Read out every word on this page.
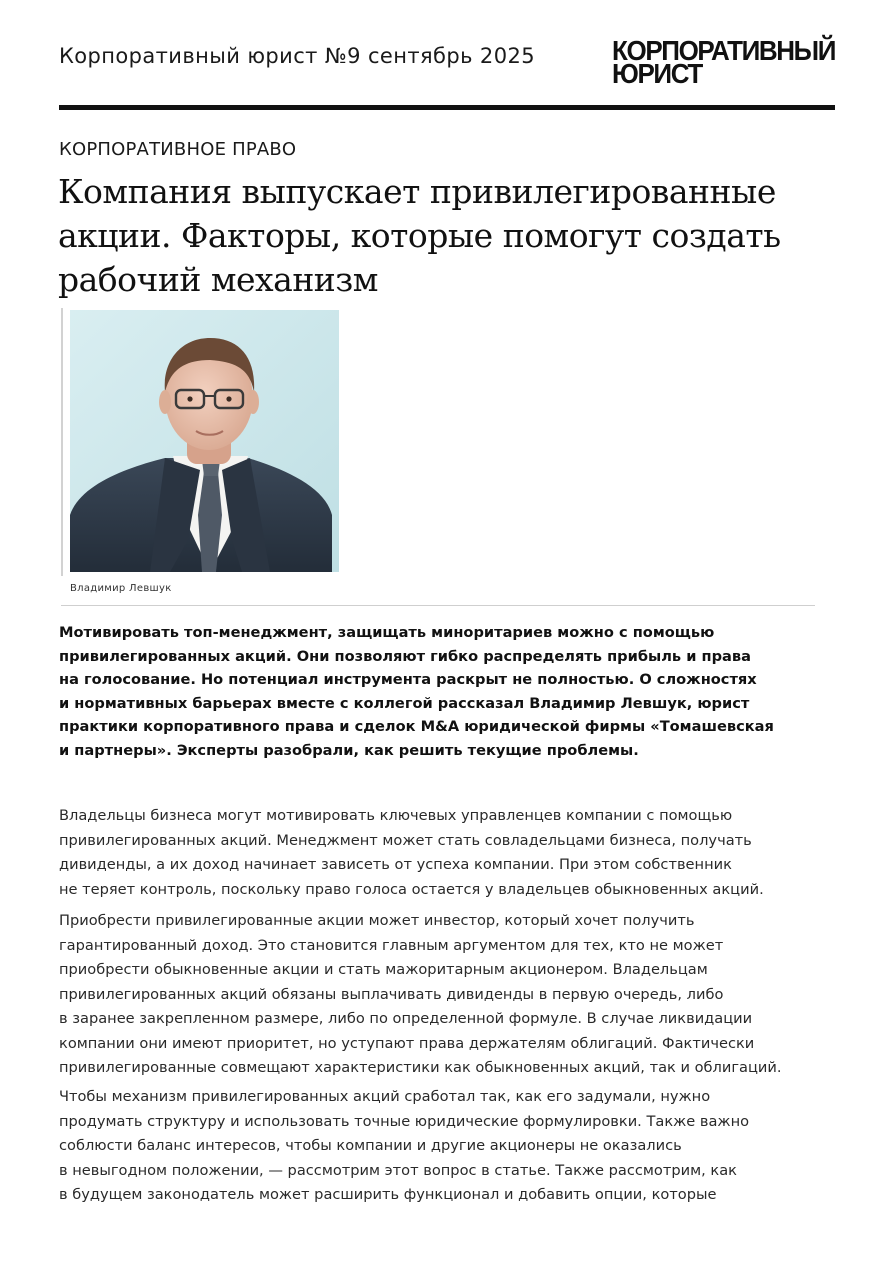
Корпоративный юрист №9 сентябрь 2025	КОРПОРАТИВНЫЙ
ЮРИСТ
КОРПОРАТИВНОЕ ПРАВО
Компания выпускает привилегированные
акции. Факторы, которые помогут создать
рабочий механизм
Владимир Левшук
Мотивировать топ-менеджмент, защищать миноритариев можно с помощью
привилегированных акций. Они позволяют гибко распределять прибыль и права
на голосование. Но потенциал инструмента раскрыт не полностью. О сложностях
и нормативных барьерах вместе с коллегой рассказал Владимир Левшук, юрист
практики корпоративного права и сделок M&A юридической фирмы «Томашевская
и партнеры». Эксперты разобрали, как решить текущие проблемы.
Владельцы бизнеса могут мотивировать ключевых управленцев компании с помощью
привилегированных акций. Менеджмент может стать совладельцами бизнеса, получать
дивиденды, а их доход начинает зависеть от успеха компании. При этом собственник
не теряет контроль, поскольку право голоса остается у владельцев обыкновенных акций.
Приобрести привилегированные акции может инвестор, который хочет получить
гарантированный доход. Это становится главным аргументом для тех, кто не может
приобрести обыкновенные акции и стать мажоритарным акционером. Владельцам
привилегированных акций обязаны выплачивать дивиденды в первую очередь, либо
в заранее закрепленном размере, либо по определенной формуле. В случае ликвидации
компании они имеют приоритет, но уступают права держателям облигаций. Фактически
привилегированные совмещают характеристики как обыкновенных акций, так и облигаций.
Чтобы механизм привилегированных акций сработал так, как его задумали, нужно
продумать структуру и использовать точные юридические формулировки. Также важно
соблюсти баланс интересов, чтобы компании и другие акционеры не оказались
в невыгодном положении, — рассмотрим этот вопрос в статье. Также рассмотрим, как
в будущем законодатель может расширить функционал и добавить опции, которые
